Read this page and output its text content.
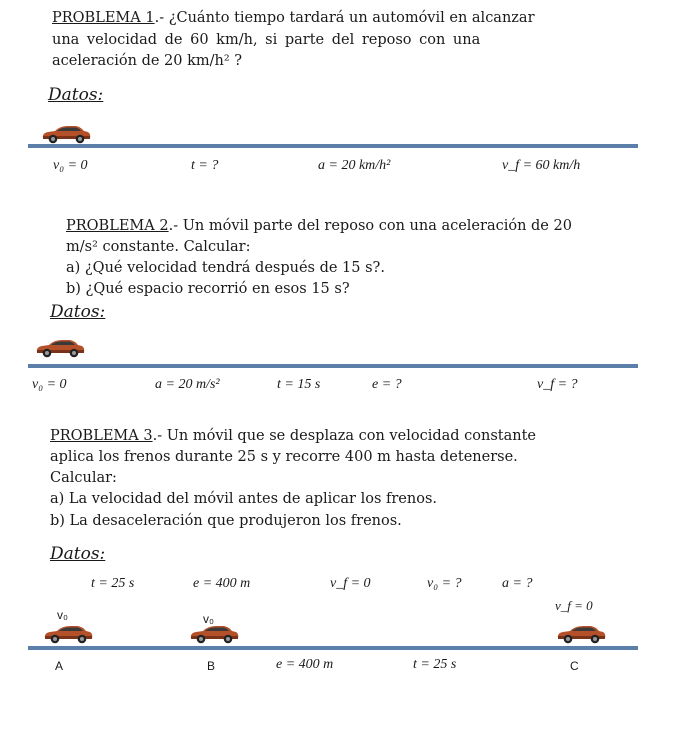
PROBLEMA 1.- ¿Cuánto tiempo tardará un automóvil en alcanzar
una velocidad de 60 km/h, si parte del reposo con una
aceleración de 20 km/h² ?
Datos:
v₀ = 0	t = ?	a = 20 km/h²	v_f = 60 km/h
PROBLEMA 2.- Un móvil parte del reposo con una aceleración de 20
m/s² constante. Calcular:
a) ¿Qué velocidad tendrá después de 15 s?.
b) ¿Qué espacio recorrió en esos 15 s?
Datos:
v₀ = 0	a = 20 m/s²	t = 15 s	e = ?	v_f = ?
PROBLEMA 3.- Un móvil que se desplaza con velocidad constante
aplica los frenos durante 25 s y recorre 400 m hasta detenerse.
Calcular:
a) La velocidad del móvil antes de aplicar los frenos.
b) La desaceleración que produjeron los frenos.
Datos:
t = 25 s	e = 400 m	v_f = 0	v₀ = ?	a = ?
v_f = 0
v₀	v₀
A	B	e = 400 m	t = 25 s	C
